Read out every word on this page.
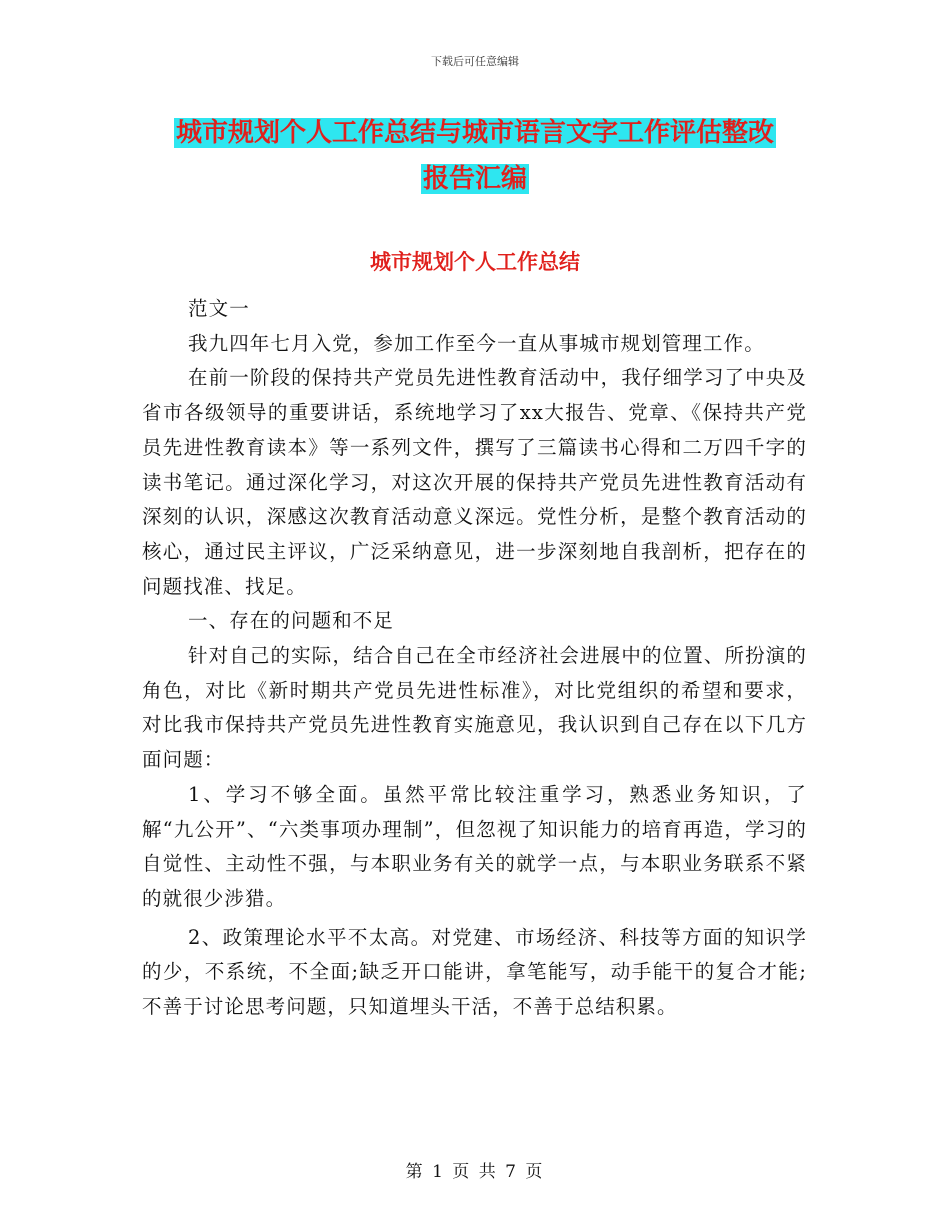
下载后可任意编辑
城市规划个人工作总结与城市语言文字工作评估整改
报告汇编
城市规划个人工作总结

范文一

我九四年七月入党，参加工作至今一直从事城市规划管理工作。

在前一阶段的保持共产党员先进性教育活动中，我仔细学习了中央及省市各级领导的重要讲话，系统地学习了xx大报告、党章、《保持共产党员先进性教育读本》等一系列文件，撰写了三篇读书心得和二万四千字的读书笔记。通过深化学习，对这次开展的保持共产党员先进性教育活动有深刻的认识，深感这次教育活动意义深远。党性分析，是整个教育活动的核心，通过民主评议，广泛采纳意见，进一步深刻地自我剖析，把存在的问题找准、找足。

一、存在的问题和不足

针对自己的实际，结合自己在全市经济社会进展中的位置、所扮演的角色，对比《新时期共产党员先进性标准》，对比党组织的希望和要求，对比我市保持共产党员先进性教育实施意见，我认识到自己存在以下几方面问题：

1、学习不够全面。虽然平常比较注重学习，熟悉业务知识，了解“九公开”、“六类事项办理制”，但忽视了知识能力的培育再造，学习的自觉性、主动性不强，与本职业务有关的就学一点，与本职业务联系不紧的就很少涉猎。

2、政策理论水平不太高。对党建、市场经济、科技等方面的知识学的少，不系统，不全面;缺乏开口能讲，拿笔能写，动手能干的复合才能;不善于讨论思考问题，只知道埋头干活，不善于总结积累。

第 1 页 共 7 页
